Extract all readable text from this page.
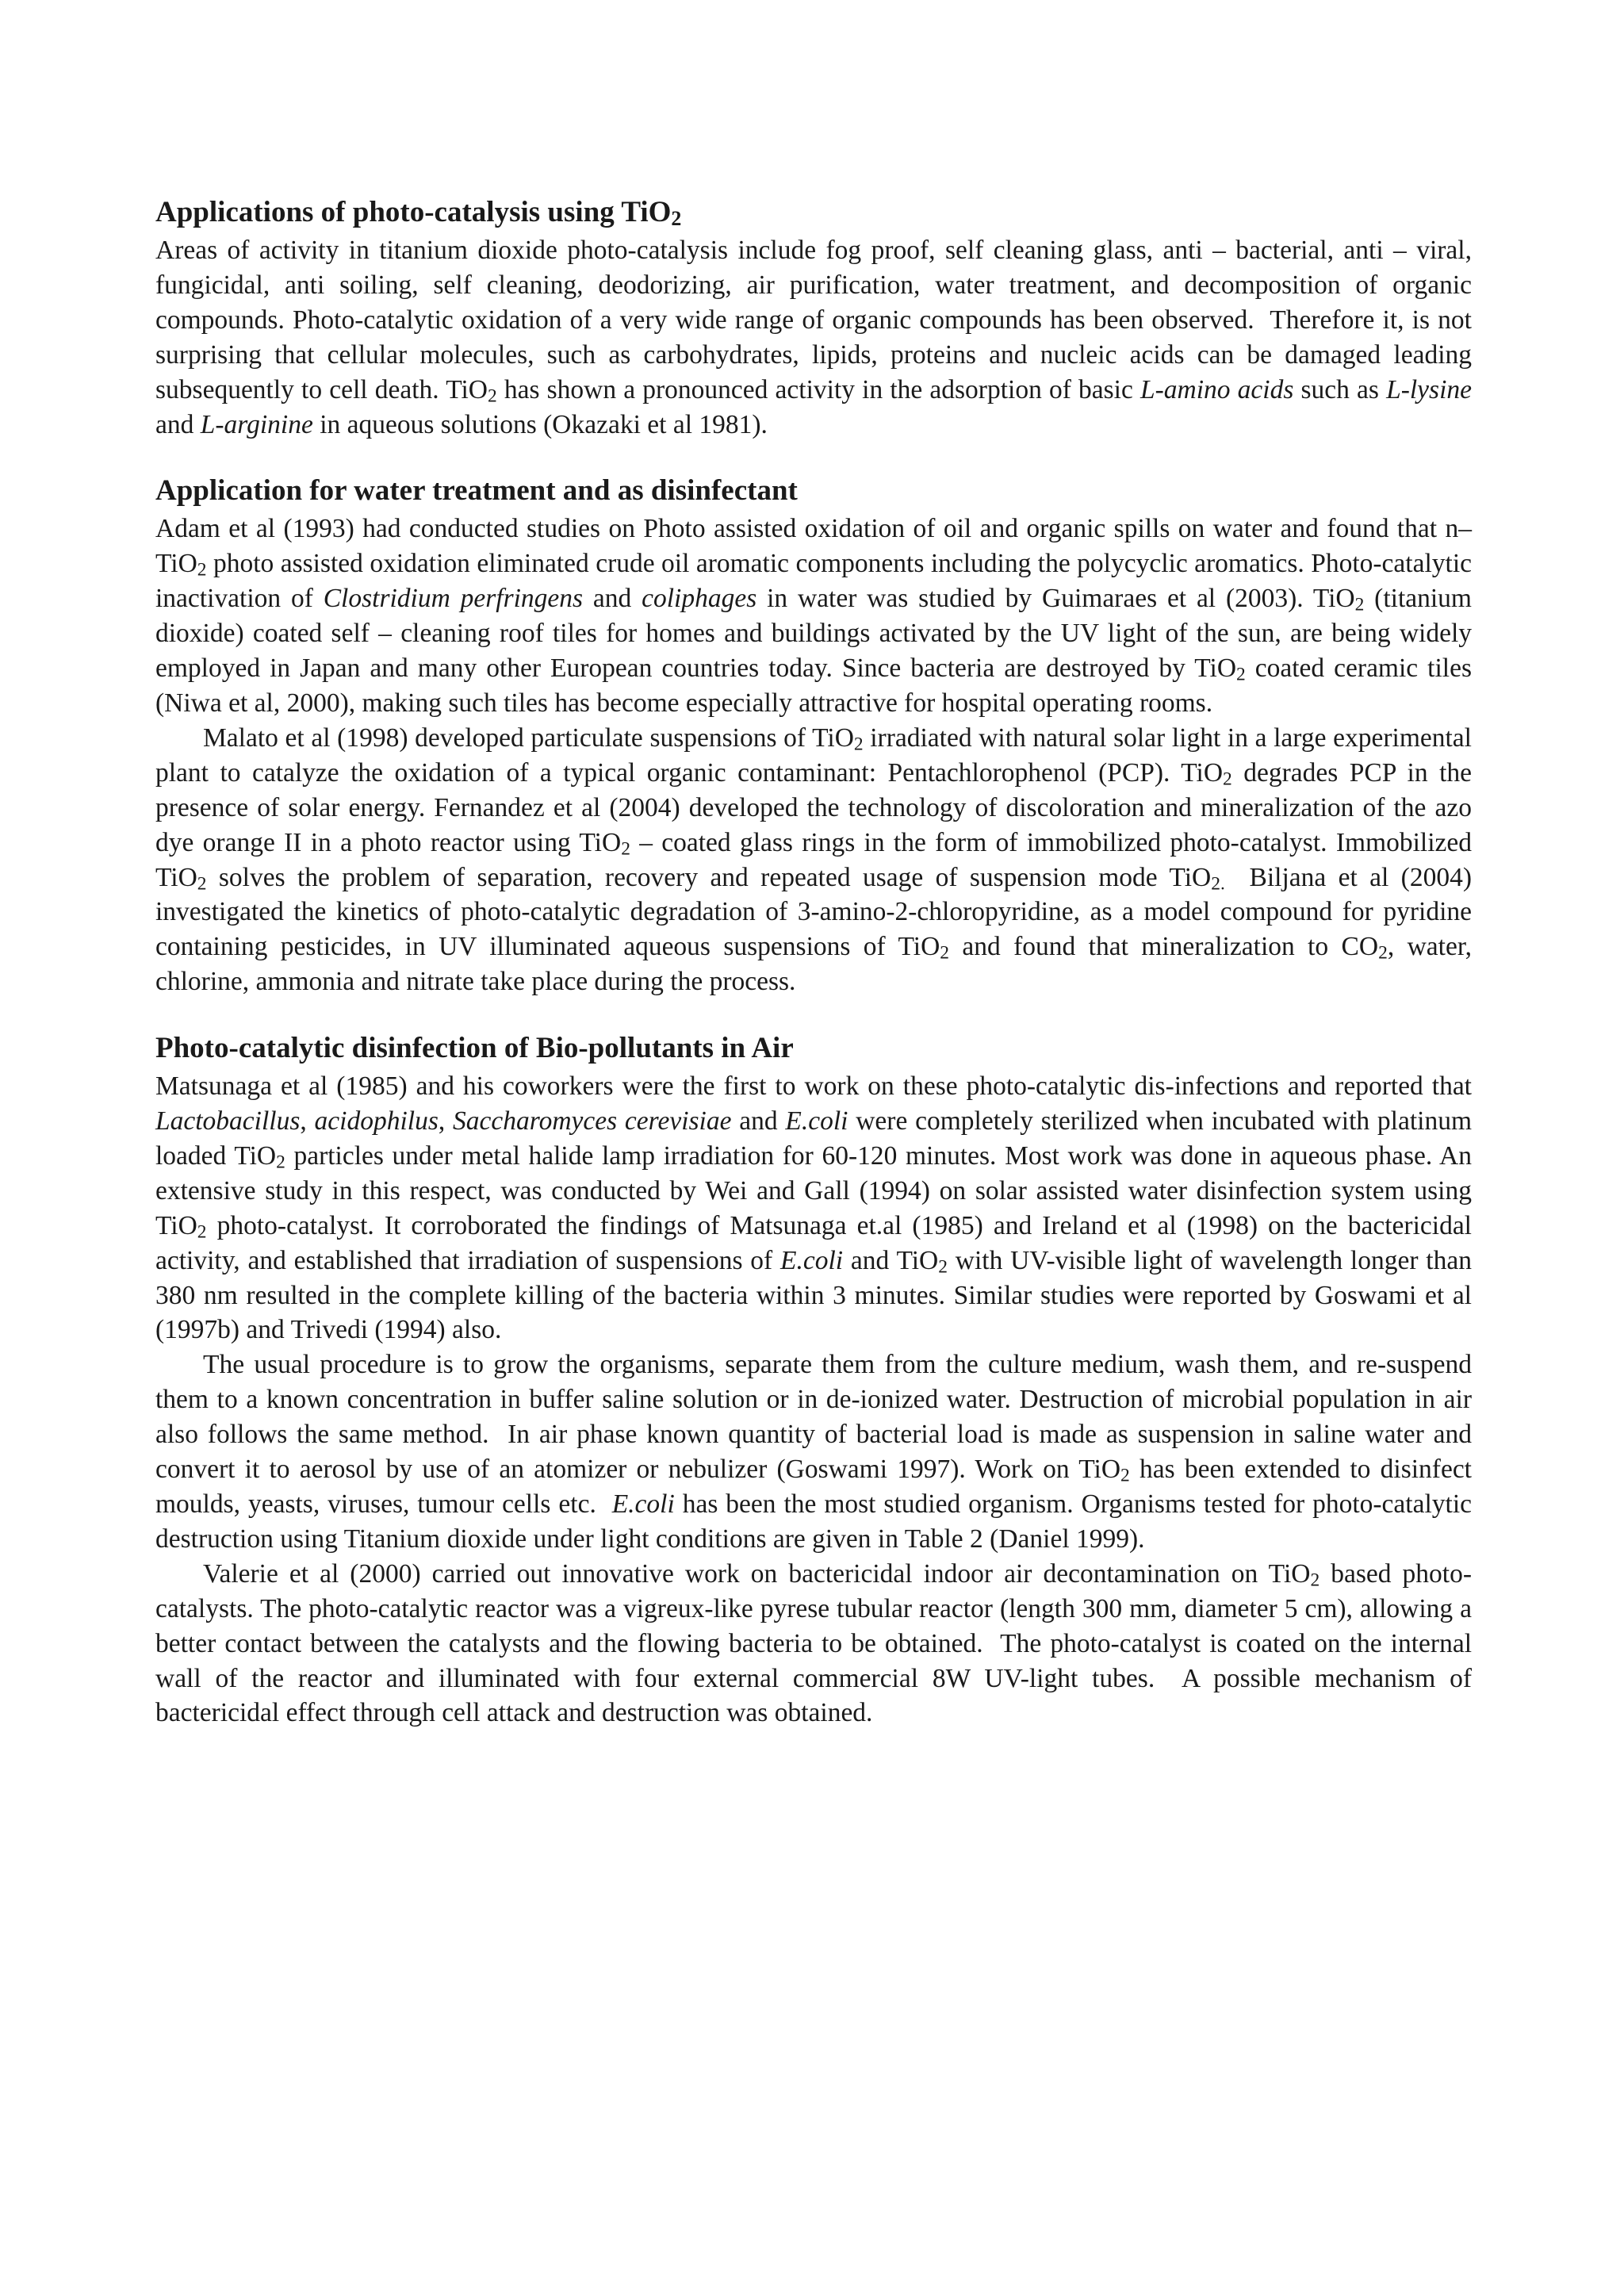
Applications of photo-catalysis using TiO$_2$

Areas of activity in titanium dioxide photo-catalysis include fog proof, self cleaning glass, anti – bacterial, anti – viral, fungicidal, anti soiling, self cleaning, deodorizing, air purification, water treatment, and decomposition of organic compounds. Photo-catalytic oxidation of a very wide range of organic compounds has been observed.  Therefore it, is not surprising that cellular molecules, such as carbohydrates, lipids, proteins and nucleic acids can be damaged leading subsequently to cell death. TiO$_2$ has shown a pronounced activity in the adsorption of basic L-amino acids such as L-lysine and L-arginine in aqueous solutions (Okazaki et al 1981).

Application for water treatment and as disinfectant

Adam et al (1993) had conducted studies on Photo assisted oxidation of oil and organic spills on water and found that n–TiO$_2$ photo assisted oxidation eliminated crude oil aromatic components including the polycyclic aromatics. Photo-catalytic inactivation of Clostridium perfringens and coliphages in water was studied by Guimaraes et al (2003). TiO$_2$ (titanium dioxide) coated self – cleaning roof tiles for homes and buildings activated by the UV light of the sun, are being widely employed in Japan and many other European countries today. Since bacteria are destroyed by TiO$_2$ coated ceramic tiles (Niwa et al, 2000), making such tiles has become especially attractive for hospital operating rooms.

Malato et al (1998) developed particulate suspensions of TiO$_2$ irradiated with natural solar light in a large experimental plant to catalyze the oxidation of a typical organic contaminant: Pentachlorophenol (PCP). TiO$_2$ degrades PCP in the presence of solar energy. Fernandez et al (2004) developed the technology of discoloration and mineralization of the azo dye orange II in a photo reactor using TiO$_2$ – coated glass rings in the form of immobilized photo-catalyst. Immobilized TiO$_2$ solves the problem of separation, recovery and repeated usage of suspension mode TiO$_{2.}$  Biljana et al (2004) investigated the kinetics of photo-catalytic degradation of 3-amino-2-chloropyridine, as a model compound for pyridine containing pesticides, in UV illuminated aqueous suspensions of TiO$_2$ and found that mineralization to $CO_2$, water, chlorine, ammonia and nitrate take place during the process.

Photo-catalytic disinfection of Bio-pollutants in Air

Matsunaga et al (1985) and his coworkers were the first to work on these photo-catalytic dis-infections and reported that Lactobacillus, acidophilus, Saccharomyces cerevisiae and E.coli were completely sterilized when incubated with platinum loaded TiO$_2$ particles under metal halide lamp irradiation for 60-120 minutes. Most work was done in aqueous phase. An extensive study in this respect, was conducted by Wei and Gall (1994) on solar assisted water disinfection system using TiO$_2$ photo-catalyst. It corroborated the findings of Matsunaga et.al (1985) and Ireland et al (1998) on the bactericidal activity, and established that irradiation of suspensions of E.coli and TiO$_2$ with UV-visible light of wavelength longer than 380 nm resulted in the complete killing of the bacteria within 3 minutes. Similar studies were reported by Goswami et al (1997b) and Trivedi (1994) also.

The usual procedure is to grow the organisms, separate them from the culture medium, wash them, and re-suspend them to a known concentration in buffer saline solution or in de-ionized water. Destruction of microbial population in air also follows the same method.  In air phase known quantity of bacterial load is made as suspension in saline water and convert it to aerosol by use of an atomizer or nebulizer (Goswami 1997). Work on TiO$_2$ has been extended to disinfect moulds, yeasts, viruses, tumour cells etc.  E.coli has been the most studied organism. Organisms tested for photo-catalytic destruction using Titanium dioxide under light conditions are given in Table 2 (Daniel 1999).

Valerie et al (2000) carried out innovative work on bactericidal indoor air decontamination on TiO$_2$ based photo-catalysts. The photo-catalytic reactor was a vigreux-like pyrese tubular reactor (length 300 mm, diameter 5 cm), allowing a better contact between the catalysts and the flowing bacteria to be obtained.  The photo-catalyst is coated on the internal wall of the reactor and illuminated with four external commercial 8W UV-light tubes.  A possible mechanism of bactericidal effect through cell attack and destruction was obtained.
